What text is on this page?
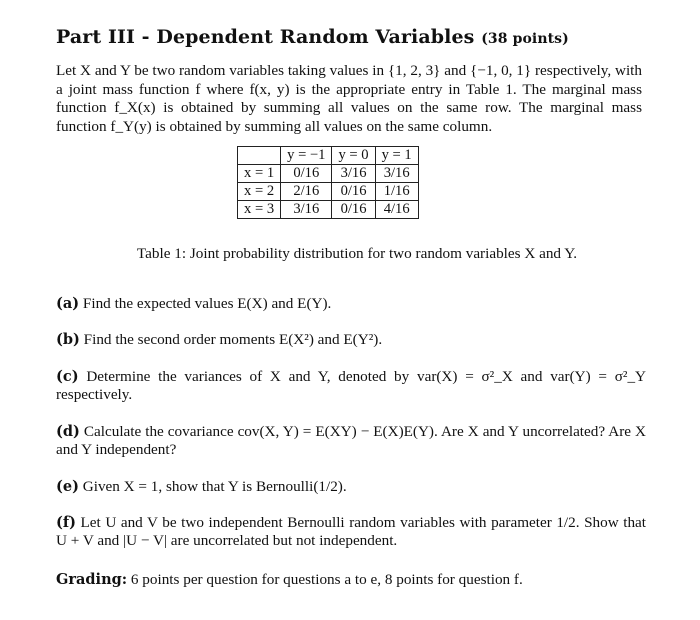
Part III - Dependent Random Variables (38 points)
Let X and Y be two random variables taking values in {1, 2, 3} and {−1, 0, 1} respectively, with a joint mass function f where f(x, y) is the appropriate entry in Table 1. The marginal mass function f_X(x) is obtained by summing all values on the same row. The marginal mass function f_Y(y) is obtained by summing all values on the same column.
	y = −1	y = 0	y = 1
x = 1	0/16	3/16	3/16
x = 2	2/16	0/16	1/16
x = 3	3/16	0/16	4/16
Table 1: Joint probability distribution for two random variables X and Y.
(a) Find the expected values E(X) and E(Y).
(b) Find the second order moments E(X²) and E(Y²).
(c) Determine the variances of X and Y, denoted by var(X) = σ²_X and var(Y) = σ²_Y respectively.
(d) Calculate the covariance cov(X, Y) = E(XY) − E(X)E(Y). Are X and Y uncorrelated? Are X and Y independent?
(e) Given X = 1, show that Y is Bernoulli(1/2).
(f) Let U and V be two independent Bernoulli random variables with parameter 1/2. Show that U + V and |U − V| are uncorrelated but not independent.
Grading: 6 points per question for questions a to e, 8 points for question f.
